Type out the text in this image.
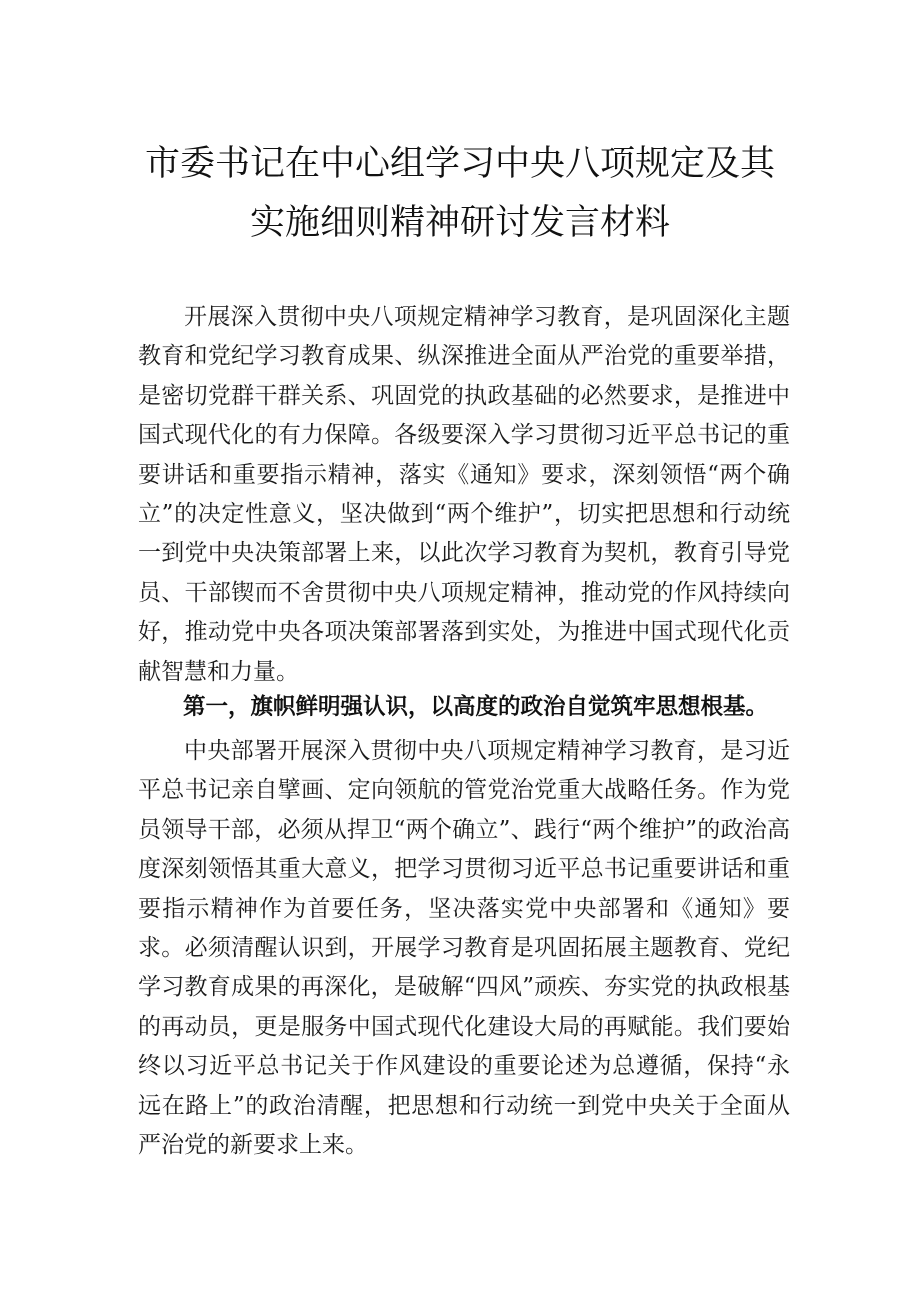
市委书记在中心组学习中央八项规定及其
实施细则精神研讨发言材料

开展深入贯彻中央八项规定精神学习教育，是巩固深化主题教育和党纪学习教育成果、纵深推进全面从严治党的重要举措，是密切党群干群关系、巩固党的执政基础的必然要求，是推进中国式现代化的有力保障。各级要深入学习贯彻习近平总书记的重要讲话和重要指示精神，落实《通知》要求，深刻领悟“两个确立”的决定性意义，坚决做到“两个维护”，切实把思想和行动统一到党中央决策部署上来，以此次学习教育为契机，教育引导党员、干部锲而不舍贯彻中央八项规定精神，推动党的作风持续向好，推动党中央各项决策部署落到实处，为推进中国式现代化贡献智慧和力量。

第一，旗帜鲜明强认识，以高度的政治自觉筑牢思想根基。

中央部署开展深入贯彻中央八项规定精神学习教育，是习近平总书记亲自擘画、定向领航的管党治党重大战略任务。作为党员领导干部，必须从捍卫“两个确立”、践行“两个维护”的政治高度深刻领悟其重大意义，把学习贯彻习近平总书记重要讲话和重要指示精神作为首要任务，坚决落实党中央部署和《通知》要求。必须清醒认识到，开展学习教育是巩固拓展主题教育、党纪学习教育成果的再深化，是破解“四风”顽疾、夯实党的执政根基的再动员，更是服务中国式现代化建设大局的再赋能。我们要始终以习近平总书记关于作风建设的重要论述为总遵循，保持“永远在路上”的政治清醒，把思想和行动统一到党中央关于全面从严治党的新要求上来。
